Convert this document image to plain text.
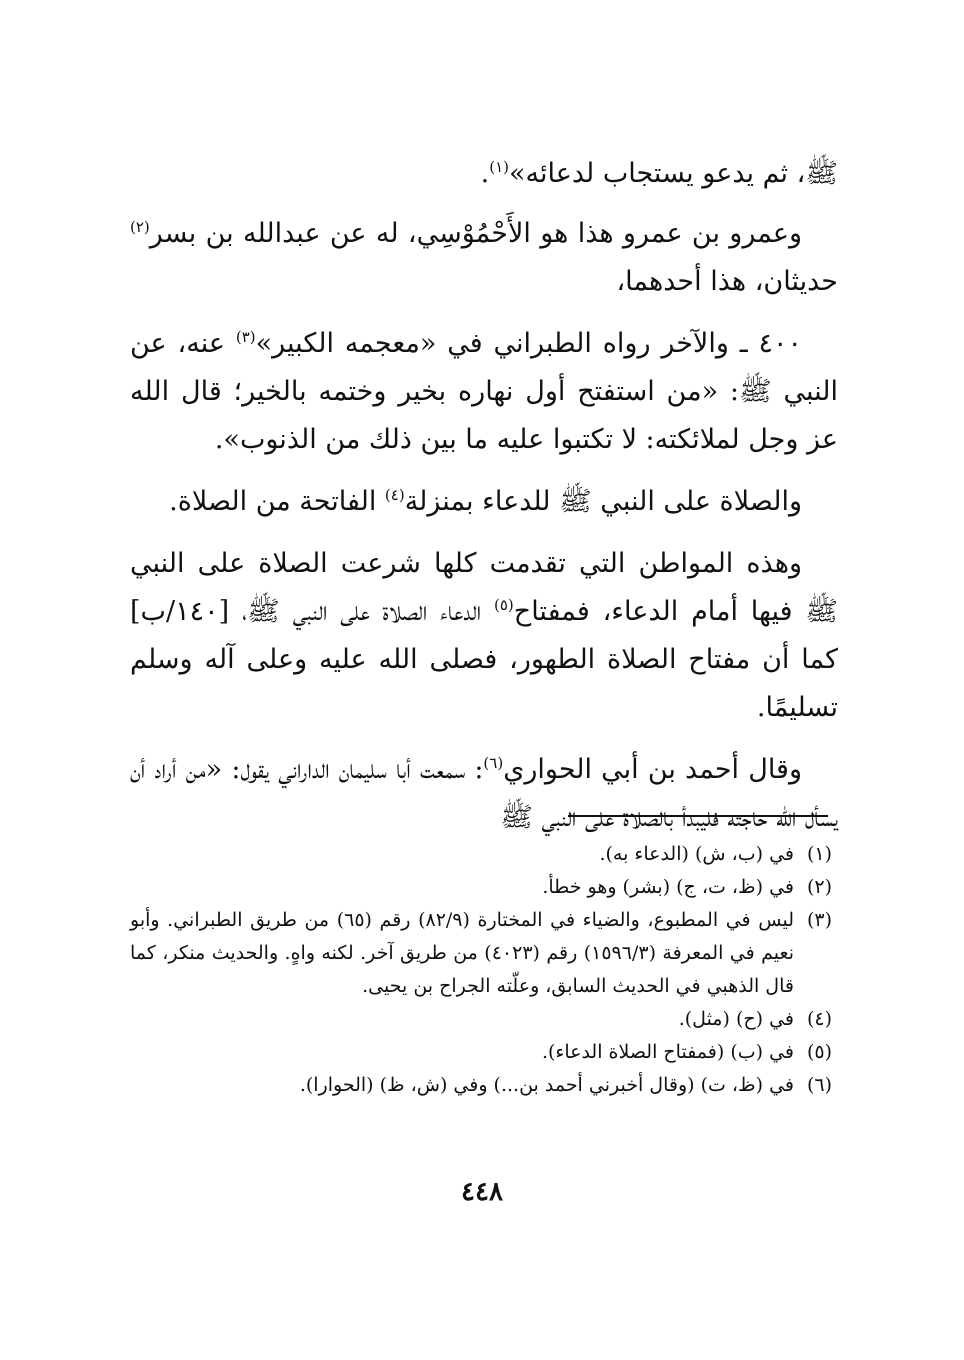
ﷺ، ثم يدعو يستجاب لدعائه»$^{(١)}$.

وعمرو بن عمرو هذا هو الأَحْمُوْسِي، له عن عبدالله بن بسر$^{(٢)}$ حديثان، هذا أحدهما،

٤٠٠ ـ والآخر رواه الطبراني في «معجمه الكبير»$^{(٣)}$ عنه، عن النبي ﷺ: «من استفتح أول نهاره بخير وختمه بالخير؛ قال الله عز وجل لملائكته: لا تكتبوا عليه ما بين ذلك من الذنوب».

والصلاة على النبي ﷺ للدعاء بمنزلة$^{(٤)}$ الفاتحة من الصلاة.

وهذه المواطن التي تقدمت كلها شرعت الصلاة على النبي ﷺ فيها أمام الدعاء، فمفتاح$^{(٥)}$ الدعاء الصلاة على النبي ﷺ، [١٤٠/ب] كما أن مفتاح الصلاة الطهور، فصلى الله عليه وعلى آله وسلم تسليمًا.

وقال أحمد بن أبي الحواري$^{(٦)}$: سمعت أبا سليمان الداراني يقول: «من أراد أن يسأل الله حاجته فليبدأ بالصلاة على النبي ﷺ

(١)
في (ب، ش) (الدعاء به).
(٢)
في (ظ، ت، ج) (بشر) وهو خطأ.
(٣)
ليس في المطبوع، والضياء في المختارة (٨٢/٩) رقم (٦٥) من طريق الطبراني. وأبو نعيم في المعرفة (١٥٩٦/٣) رقم (٤٠٢٣) من طريق آخر. لكنه واهٍ. والحديث منكر، كما قال الذهبي في الحديث السابق، وعلّته الجراح بن يحيى.
(٤)
في (ح) (مثل).
(٥)
في (ب) (فمفتاح الصلاة الدعاء).
(٦)
في (ظ، ت) (وقال أخبرني أحمد بن...) وفي (ش، ظ) (الحوارا).
٤٤٨
